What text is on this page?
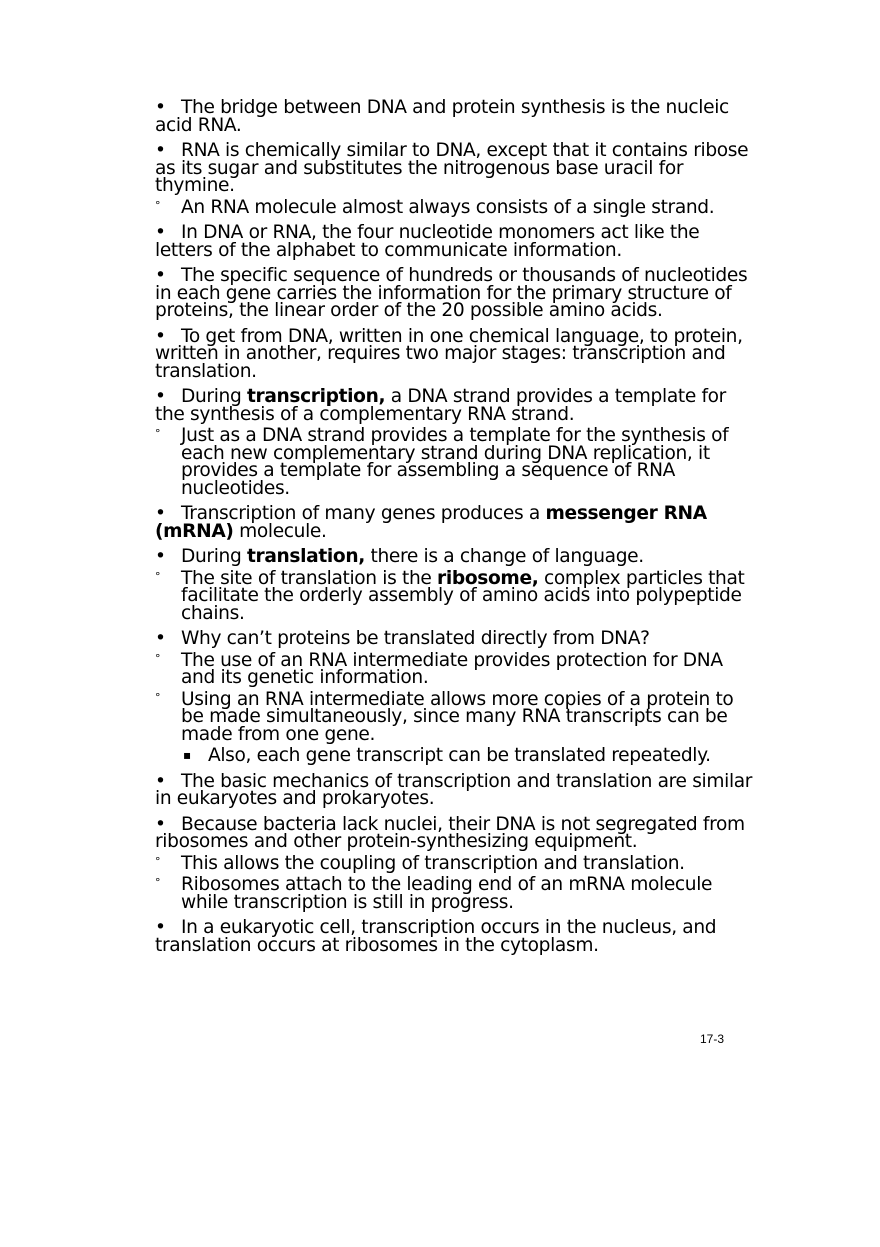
• The bridge between DNA and protein synthesis is the nucleic acid RNA.

• RNA is chemically similar to DNA, except that it contains ribose as its sugar and substitutes the nitrogenous base uracil for thymine.

° An RNA molecule almost always consists of a single strand.

• In DNA or RNA, the four nucleotide monomers act like the letters of the alphabet to communicate information.

• The specific sequence of hundreds or thousands of nucleotides in each gene carries the information for the primary structure of proteins, the linear order of the 20 possible amino acids.

• To get from DNA, written in one chemical language, to protein, written in another, requires two major stages: transcription and translation.

• During transcription, a DNA strand provides a template for the synthesis of a complementary RNA strand.

° Just as a DNA strand provides a template for the synthesis of each new complementary strand during DNA replication, it provides a template for assembling a sequence of RNA nucleotides.

• Transcription of many genes produces a messenger RNA (mRNA) molecule.

• During translation, there is a change of language.

° The site of translation is the ribosome, complex particles that facilitate the orderly assembly of amino acids into polypeptide chains.

• Why can’t proteins be translated directly from DNA?

° The use of an RNA intermediate provides protection for DNA and its genetic information.

° Using an RNA intermediate allows more copies of a protein to be made simultaneously, since many RNA transcripts can be made from one gene.

▪ Also, each gene transcript can be translated repeatedly.

• The basic mechanics of transcription and translation are similar in eukaryotes and prokaryotes.

• Because bacteria lack nuclei, their DNA is not segregated from ribosomes and other protein-synthesizing equipment.

° This allows the coupling of transcription and translation.

° Ribosomes attach to the leading end of an mRNA molecule while transcription is still in progress.

• In a eukaryotic cell, transcription occurs in the nucleus, and translation occurs at ribosomes in the cytoplasm.

17-3
